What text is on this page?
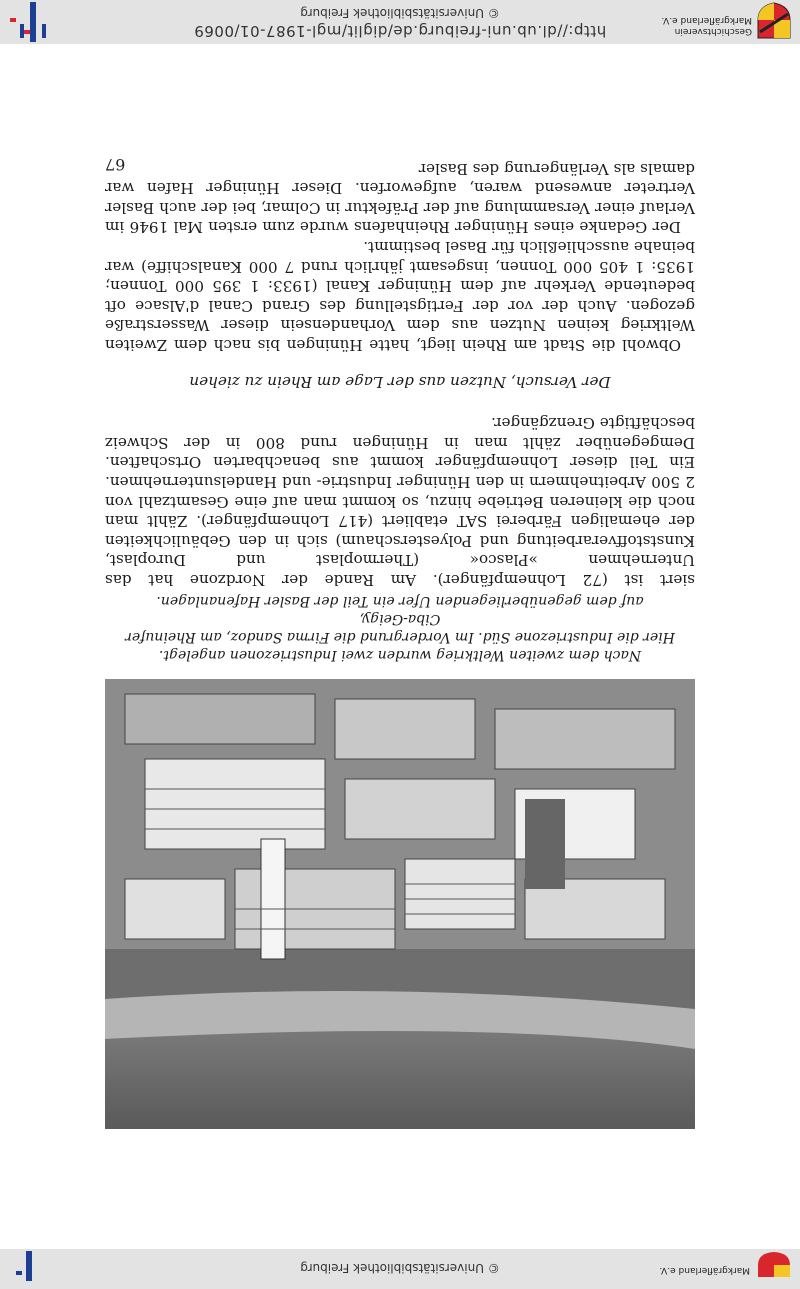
Geschichtsverein
Markgräflerland e.V.
http://dl.ub.uni-freiburg.de/diglit/mgl-1987-01/0069
© Universitätsbibliothek Freiburg
Markgräflerland e.V.
© Universitätsbibliothek Freiburg
Nach dem zweiten Weltkrieg wurden zwei Industriezonen angelegt.
Hier die Industriezone Süd. Im Vordergrund die Firma Sandoz, am Rheinufer Ciba-Geigy,
auf dem gegenüberliegenden Ufer ein Teil der Basler Hafenanlagen.

siert ist (72 Lohnempfänger). Am Rande der Nordzone hat das Unternehmen »Plasco« (Thermoplast und Duroplast, Kunststoffverarbeitung und Polyesterschaum) sich in den Gebäulichkeiten der ehemaligen Färberei SAT etabliert (417 Lohnempfänger). Zählt man noch die kleineren Betriebe hinzu, so kommt man auf eine Gesamtzahl von 2 500 Arbeitnehmern in den Hüninger Industrie- und Handelsunternehmen. Ein Teil dieser Lohnempfänger kommt aus benachbarten Ortschaften. Demgegenüber zählt man in Hüningen rund 800 in der Schweiz beschäftigte Grenzgänger.

Der Versuch, Nutzen aus der Lage am Rhein zu ziehen

Obwohl die Stadt am Rhein liegt, hatte Hüningen bis nach dem Zweiten Weltkrieg keinen Nutzen aus dem Vorhandensein dieser Wasserstraße gezogen. Auch der vor der Fertigstellung des Grand Canal d'Alsace oft bedeutende Verkehr auf dem Hüninger Kanal (1933: 1 395 000 Tonnen; 1935: 1 405 000 Tonnen, insgesamt jährlich rund 7 000 Kanalschiffe) war beinahe ausschließlich für Basel bestimmt.

Der Gedanke eines Hüninger Rheinhafens wurde zum ersten Mal 1946 im Verlauf einer Versammlung auf der Präfektur in Colmar, bei der auch Basler Vertreter anwesend waren, aufgeworfen. Dieser Hüninger Hafen war damals als Verlängerung des Basler

67
